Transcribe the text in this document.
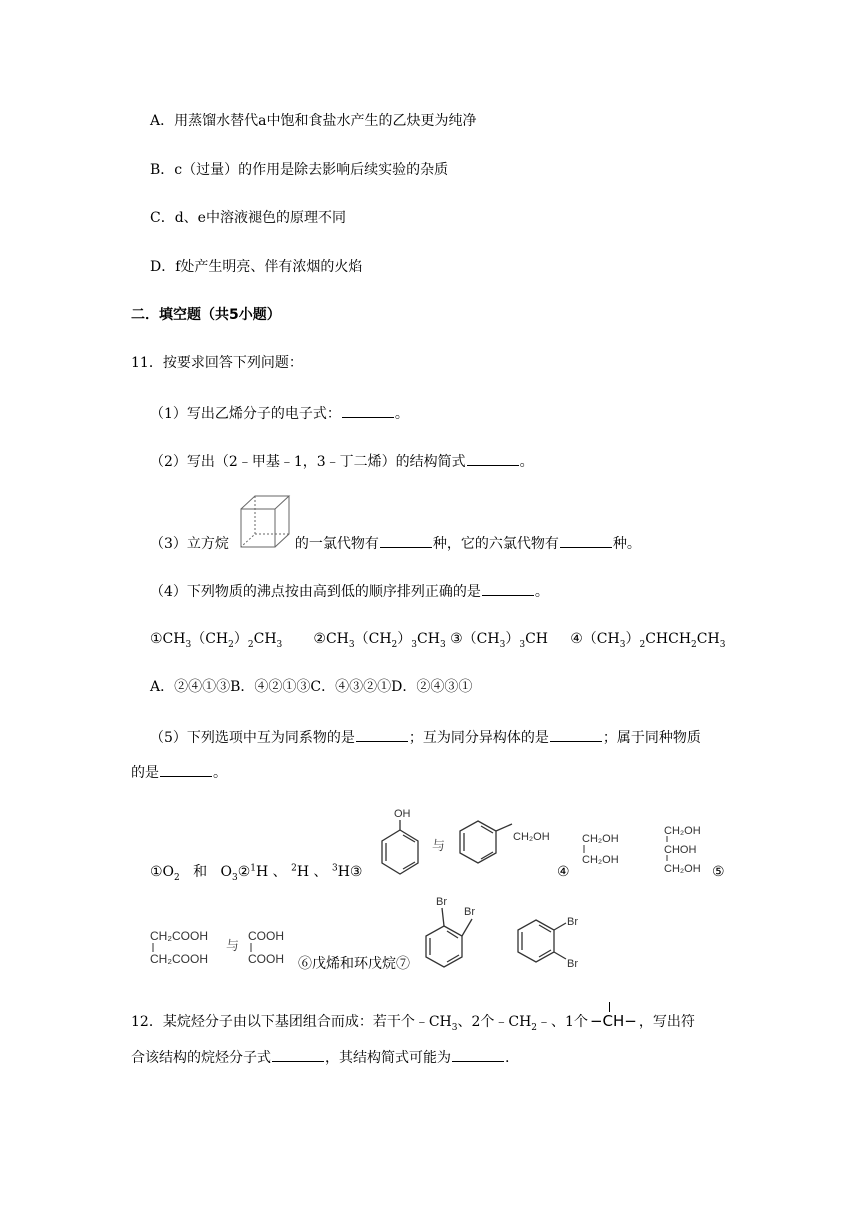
A．用蒸馏水替代a中饱和食盐水产生的乙炔更为纯净
B．c（过量）的作用是除去影响后续实验的杂质
C．d、e中溶液褪色的原理不同
D．f处产生明亮、伴有浓烟的火焰
二．填空题（共5小题）
11．按要求回答下列问题：
（1）写出乙烯分子的电子式：	。
（2）写出（2﹣甲基﹣1，3﹣丁二烯）的结构简式	。
（3）立方烷	的一氯代物有	种，它的六氯代物有	种。
（4）下列物质的沸点按由高到低的顺序排列正确的是	。
$①CH_3(CH_2)_2CH_3$       $②CH_3(CH_2)_3CH_3$ $③(CH_3)_3CH$     $④(CH_3)_2CHCH_2CH_3$
A．②④①③B．④②①③C．④③②①D．②④③①
（5）下列选项中互为同系物的是	；互为同分异构体的是	；属于同种物质
的是	。
$①O_2$ 和 $O_3②^1H$ 、 $^2$H 、 $^3$H③
OH
与
CH₂OH
④
CH₂OH
CH₂OH
CH₂OH
CHOH
CH₂OH ⑤
CH₂COOH
CH₂COOH
与
COOH
COOH ⑥戊烯和环戊烷⑦
Br
Br
Br
Br
12．某烷烃分子由以下基团组合而成：若干个$﹣CH_3$、2个$﹣CH_2﹣$、1个 −
CH− ，写出符
合该结构的烷烃分子式	，其结构简式可能为	.
